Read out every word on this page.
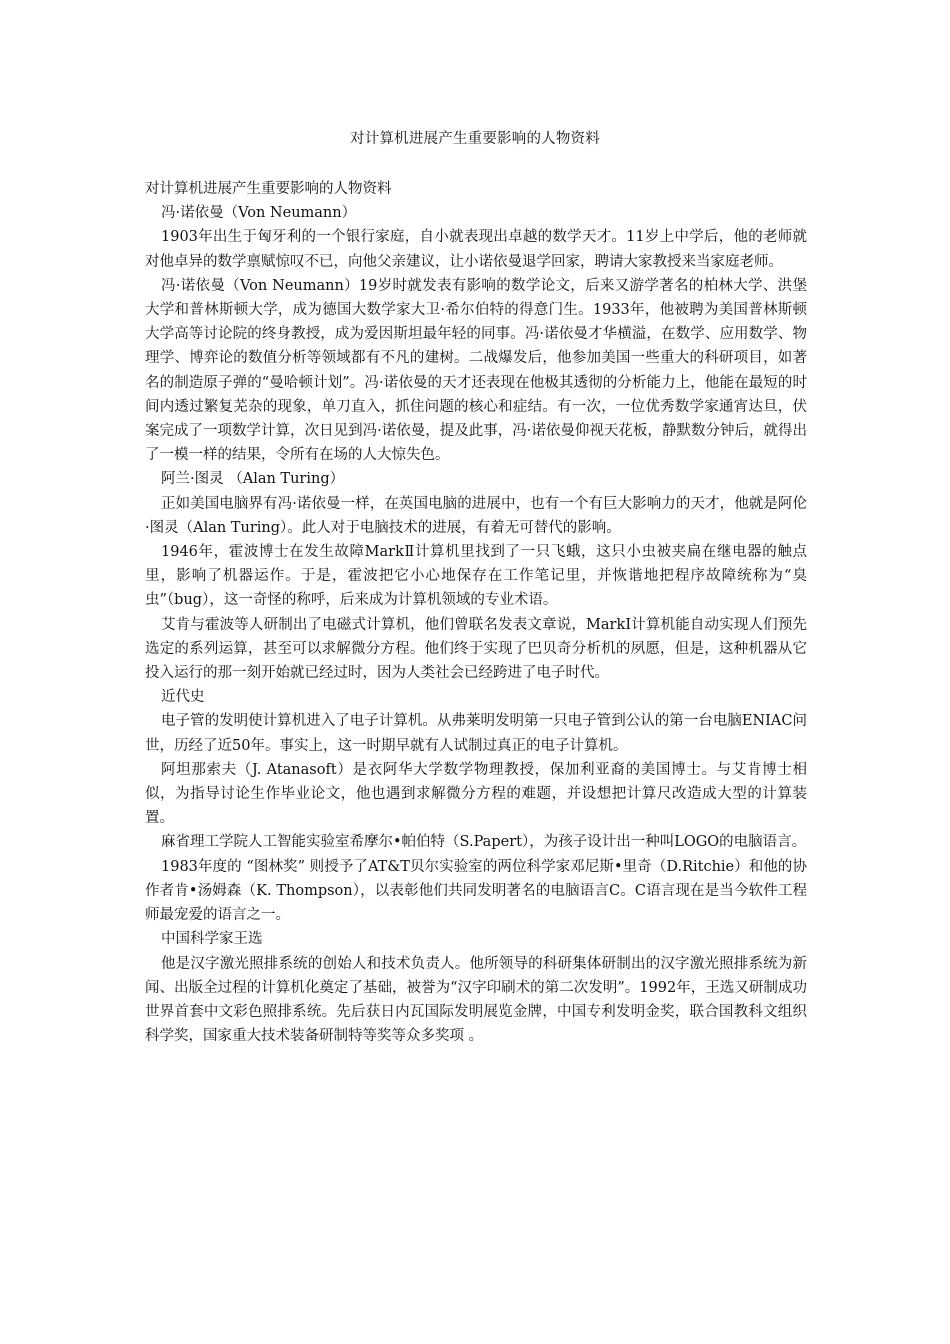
对计算机进展产生重要影响的人物资料

对计算机进展产生重要影响的人物资料

冯·诺依曼（Von Neumann）

1903年出生于匈牙利的一个银行家庭，自小就表现出卓越的数学天才。11岁上中学后，他的老师就对他卓异的数学禀赋惊叹不已，向他父亲建议，让小诺依曼退学回家，聘请大家教授来当家庭老师。

冯·诺依曼（Von Neumann）19岁时就发表有影响的数学论文，后来又游学著名的柏林大学、洪堡大学和普林斯顿大学，成为德国大数学家大卫·希尔伯特的得意门生。1933年，他被聘为美国普林斯顿大学高等讨论院的终身教授，成为爱因斯坦最年轻的同事。冯·诺依曼才华横溢，在数学、应用数学、物理学、博弈论的数值分析等领域都有不凡的建树。二战爆发后，他参加美国一些重大的科研项目，如著名的制造原子弹的“曼哈顿计划”。冯·诺依曼的天才还表现在他极其透彻的分析能力上，他能在最短的时间内透过繁复芜杂的现象，单刀直入，抓住问题的核心和症结。有一次，一位优秀数学家通宵达旦，伏案完成了一项数学计算，次日见到冯·诺依曼，提及此事，冯·诺依曼仰视天花板，静默数分钟后，就得出了一模一样的结果，令所有在场的人大惊失色。

阿兰·图灵 （Alan Turing）

正如美国电脑界有冯·诺依曼一样，在英国电脑的进展中，也有一个有巨大影响力的天才，他就是阿伦·图灵（Alan Turing）。此人对于电脑技术的进展，有着无可替代的影响。

1946年，霍波博士在发生故障MarkⅡ计算机里找到了一只飞蛾，这只小虫被夹扁在继电器的触点里，影响了机器运作。于是，霍波把它小心地保存在工作笔记里，并恢谐地把程序故障统称为“臭虫”（bug），这一奇怪的称呼，后来成为计算机领域的专业术语。

艾肯与霍波等人研制出了电磁式计算机，他们曾联名发表文章说，MarkⅠ计算机能自动实现人们预先选定的系列运算，甚至可以求解微分方程。他们终于实现了巴贝奇分析机的夙愿，但是，这种机器从它投入运行的那一刻开始就已经过时，因为人类社会已经跨进了电子时代。

近代史

电子管的发明使计算机进入了电子计算机。从弗莱明发明第一只电子管到公认的第一台电脑ENIAC问世，历经了近50年。事实上，这一时期早就有人试制过真正的电子计算机。

阿坦那索夫（J. Atanasoft）是衣阿华大学数学物理教授，保加利亚裔的美国博士。与艾肯博士相似，为指导讨论生作毕业论文，他也遇到求解微分方程的难题，并设想把计算尺改造成大型的计算装置。

麻省理工学院人工智能实验室希摩尔•帕伯特（S.Papert），为孩子设计出一种叫LOGO的电脑语言。

1983年度的 “图林奖” 则授予了AT&T贝尔实验室的两位科学家邓尼斯•里奇（D.Ritchie）和他的协作者肯•汤姆森（K. Thompson），以表彰他们共同发明著名的电脑语言C。C语言现在是当今软件工程师最宠爱的语言之一。

中国科学家王选

他是汉字激光照排系统的创始人和技术负责人。他所领导的科研集体研制出的汉字激光照排系统为新闻、出版全过程的计算机化奠定了基础，被誉为“汉字印刷术的第二次发明”。1992年，王选又研制成功世界首套中文彩色照排系统。先后获日内瓦国际发明展览金牌，中国专利发明金奖，联合国教科文组织科学奖，国家重大技术装备研制特等奖等众多奖项 。
